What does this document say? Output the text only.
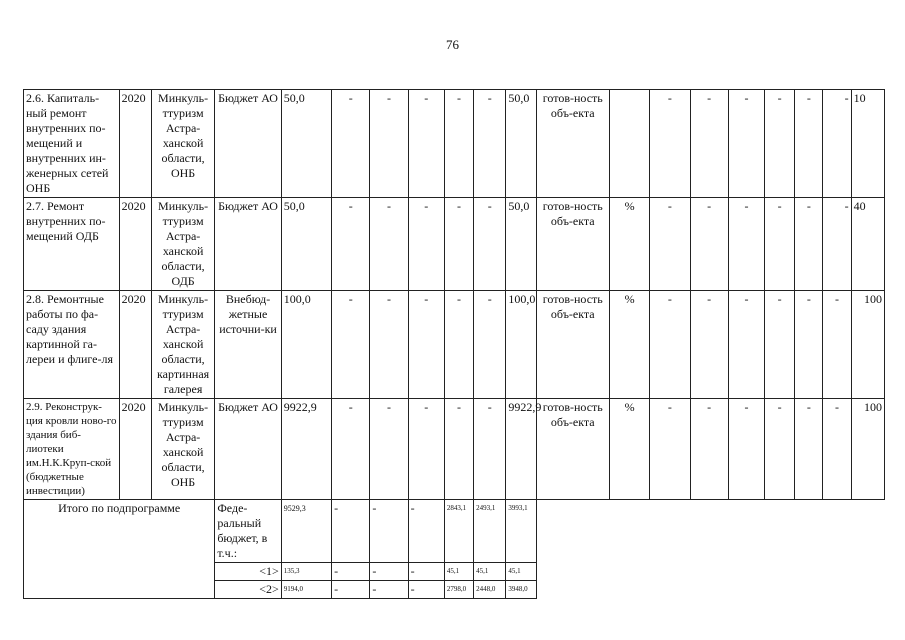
76
2.6. Капиталь-ный ремонт внутренних по-мещений и внутренних ин-женерных сетей ОНБ	2020	Минкуль-ттуризм Астра-ханской области, ОНБ	Бюджет АО	50,0	-	-	-	-	-	50,0	готов-ность объ-екта		-	-	-	-	-	-	10
2.7. Ремонт внутренних по-мещений ОДБ	2020	Минкуль-ттуризм Астра-ханской области, ОДБ	Бюджет АО	50,0	-	-	-	-	-	50,0	готов-ность объ-екта	%	-	-	-	-	-	-	40
2.8. Ремонтные работы по фа-саду здания картинной га-лереи и флиге-ля	2020	Минкуль-ттуризм Астра-ханской области, картинная галерея	Внебюд-жетные источни-ки	100,0	-	-	-	-	-	100,0	готов-ность объ-екта	%	-	-	-	-	-	-	100
2.9. Реконструк-ция кровли ново-го здания биб-лиотеки им.Н.К.Круп-ской (бюджетные инвестиции)	2020	Минкуль-ттуризм Астра-ханской области, ОНБ	Бюджет АО	9922,9	-	-	-	-	-	9922,9	готов-ность объ-екта	%	-	-	-	-	-	-	100
Итого по подпрограмме			Феде-ральный бюджет, в т.ч.:	9529,3	-	-	-	2843,1	2493,1	3993,1									
			<1>	135,3	-	-	-	45,1	45,1	45,1									
			<2>	9194,0	-	-	-	2798,0	2448,0	3948,0									
